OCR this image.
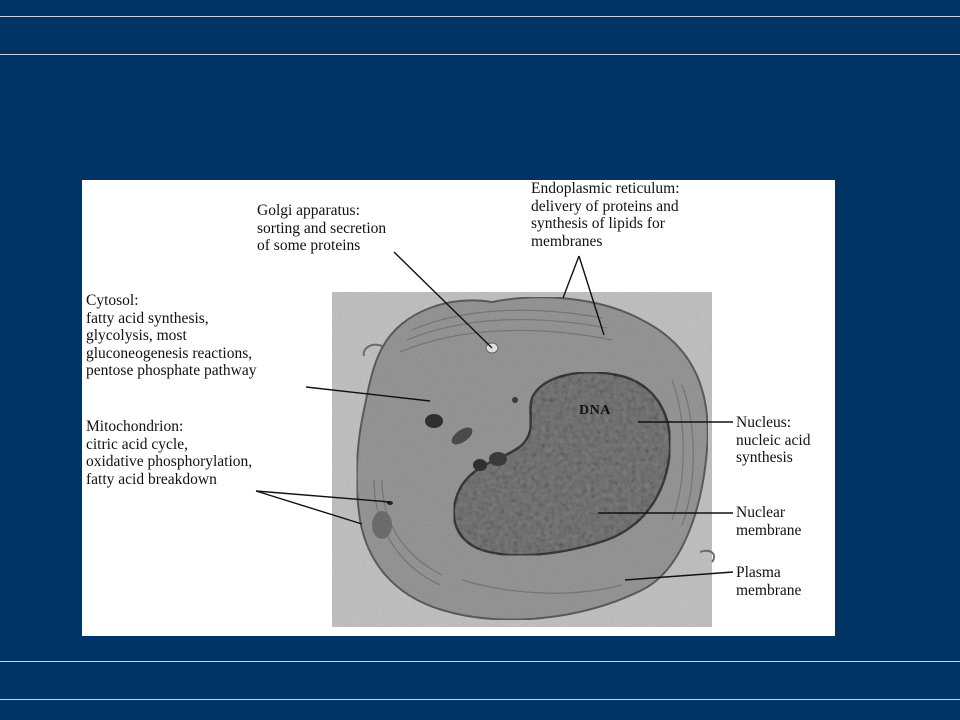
DNA
Golgi apparatus:
sorting and secretion
of some proteins
Endoplasmic reticulum:
delivery of proteins and
synthesis of lipids for
membranes
Cytosol:
fatty acid synthesis,
glycolysis, most
gluconeogenesis reactions,
pentose phosphate pathway
Mitochondrion:
citric acid cycle,
oxidative phosphorylation,
fatty acid breakdown
Nucleus:
nucleic acid
synthesis
Nuclear
membrane
Plasma
membrane
